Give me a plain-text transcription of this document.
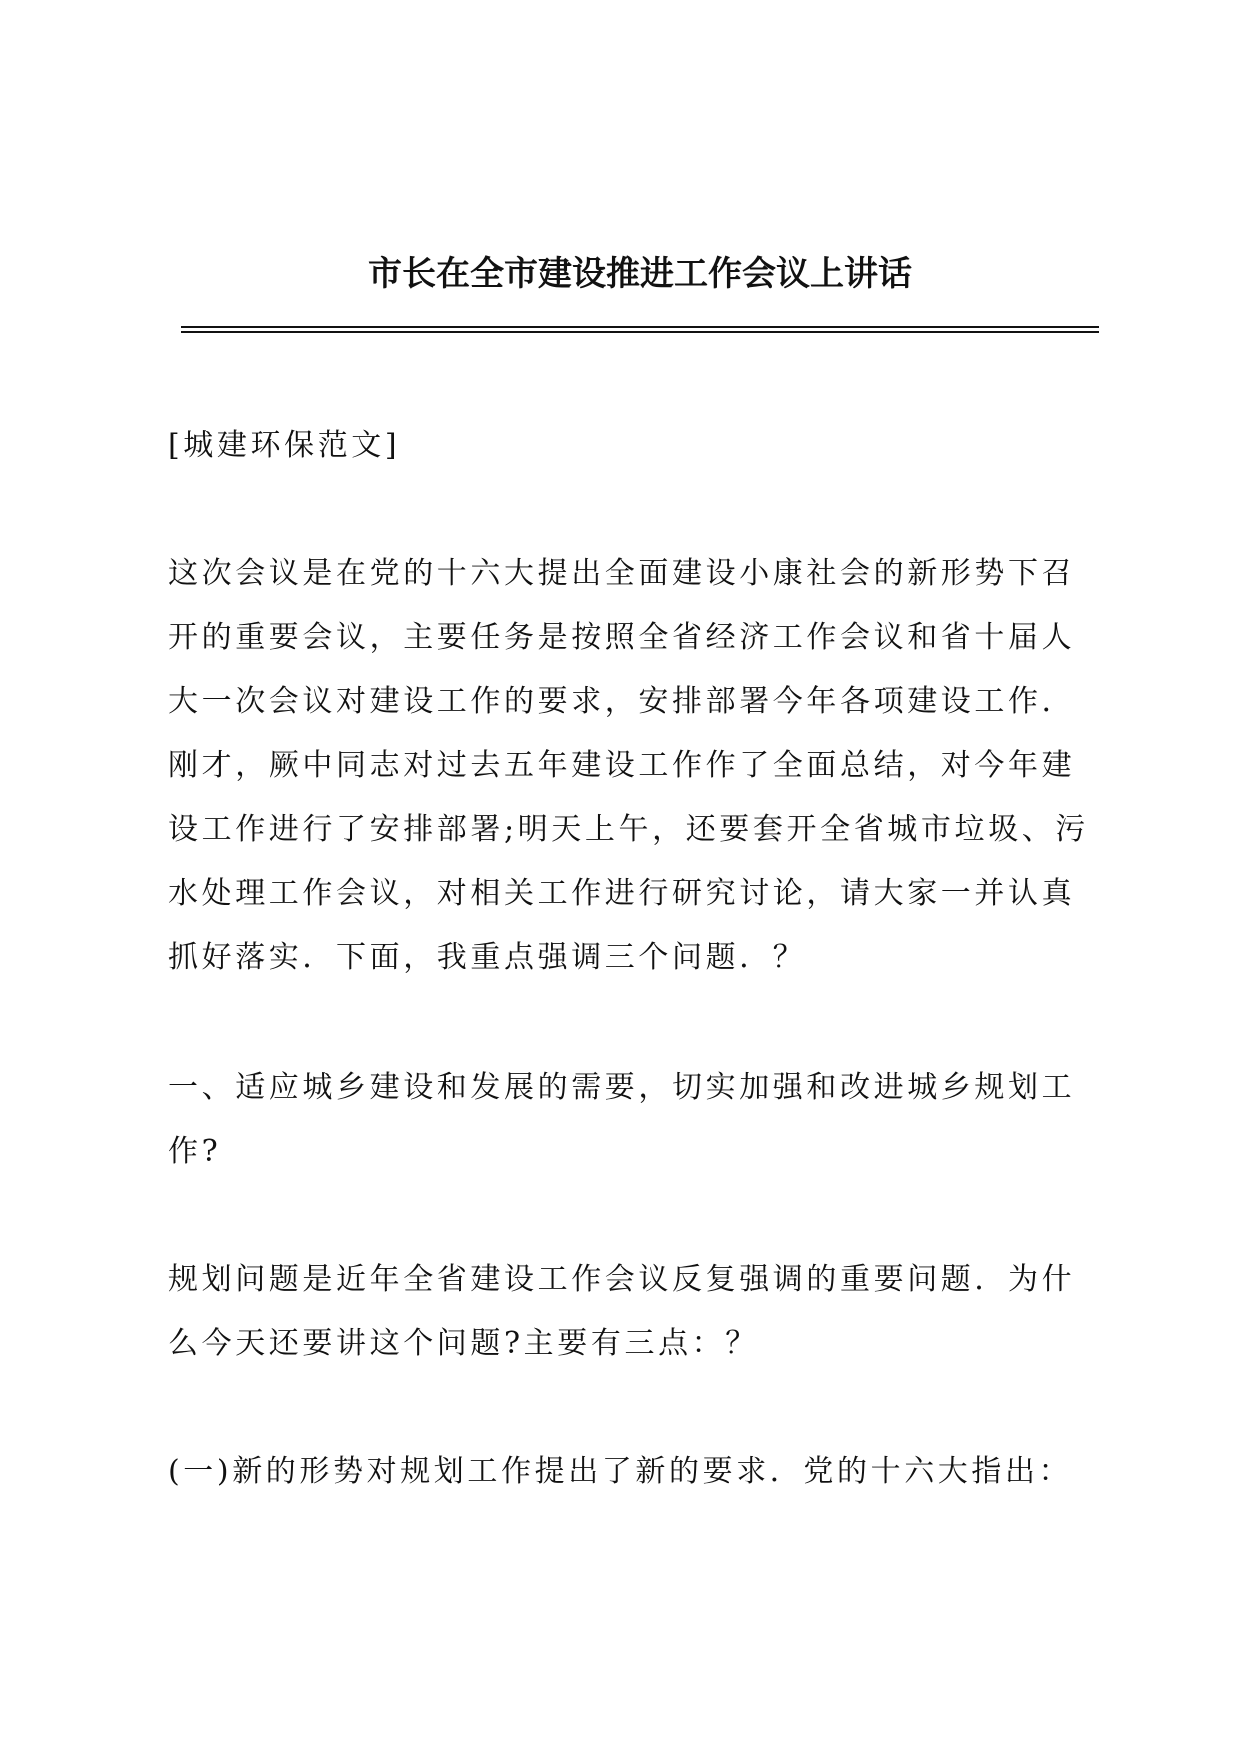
市长在全市建设推进工作会议上讲话

[城建环保范文]

这次会议是在党的十六大提出全面建设小康社会的新形势下召开的重要会议，主要任务是按照全省经济工作会议和省十届人大一次会议对建设工作的要求，安排部署今年各项建设工作．刚才，厥中同志对过去五年建设工作作了全面总结，对今年建设工作进行了安排部署;明天上午，还要套开全省城市垃圾、污水处理工作会议，对相关工作进行研究讨论，请大家一并认真抓好落实．下面，我重点强调三个问题．？

一、适应城乡建设和发展的需要，切实加强和改进城乡规划工作?

规划问题是近年全省建设工作会议反复强调的重要问题．为什么今天还要讲这个问题?主要有三点：？

(一)新的形势对规划工作提出了新的要求．党的十六大指出：
